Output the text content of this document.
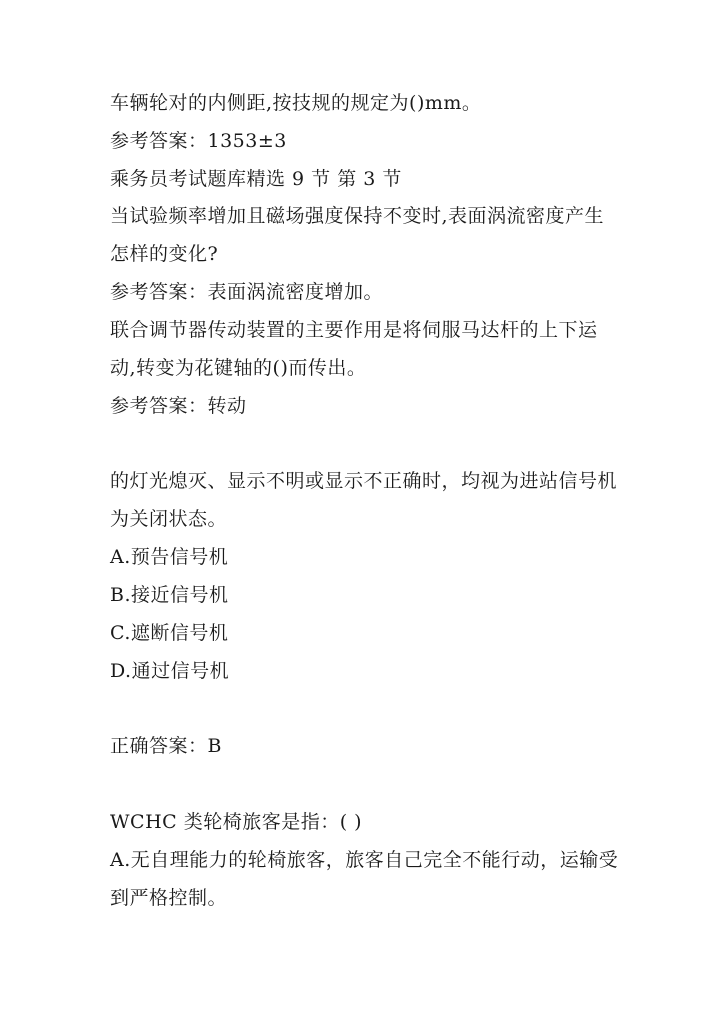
车辆轮对的内侧距,按技规的规定为()mm。
参考答案：1353±3
乘务员考试题库精选 9 节 第 3 节
当试验频率增加且磁场强度保持不变时,表面涡流密度产生
怎样的变化?
参考答案：表面涡流密度增加。
联合调节器传动装置的主要作用是将伺服马达杆的上下运
动,转变为花键轴的()而传出。
参考答案：转动
的灯光熄灭、显示不明或显示不正确时，均视为进站信号机
为关闭状态。
A.预告信号机
B.接近信号机
C.遮断信号机
D.通过信号机
正确答案：B
WCHC 类轮椅旅客是指：( )
A.无自理能力的轮椅旅客，旅客自己完全不能行动，运输受
到严格控制。
